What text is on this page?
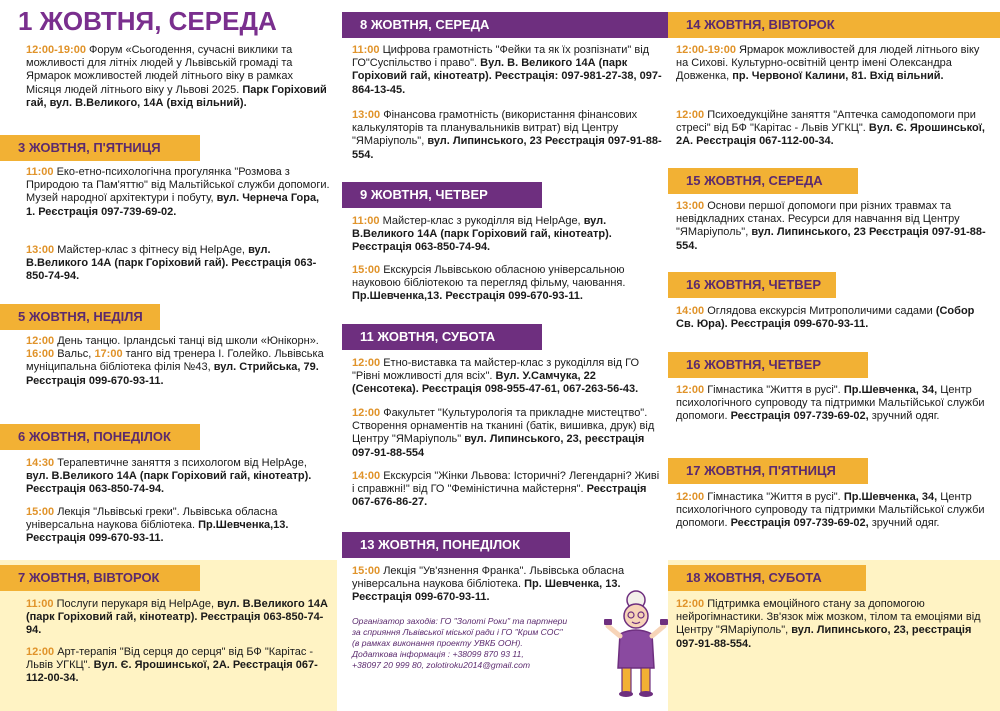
1 ЖОВТНЯ, СЕРЕДА
12:00-19:00 Форум «Сьогодення, сучасні виклики та можливості для літніх людей у Львівській громаді та Ярмарок можливостей людей літнього віку в рамках Місяця людей літнього віку у Львові 2025. Парк Горіховий гай, вул. В.Великого, 14А (вхід вільний).
3 ЖОВТНЯ, П'ЯТНИЦЯ
11:00 Еко-етно-психологічна прогулянка "Розмова з Природою та Пам'яттю" від Мальтійської служби допомоги. Музей народної архітектури і побуту, вул. Чернеча Гора, 1. Реєстрація 097-739-69-02.
13:00 Майстер-клас з фітнесу від HelpAge, вул. В.Великого 14А (парк Горіховий гай). Реєстрація 063-850-74-94.
5 ЖОВТНЯ, НЕДІЛЯ
12:00 День танцю. Ірландські танці від школи «Юнікорн».
16:00 Вальс, 17:00 танго від тренера І. Голейко. Львівська муніципальна бібліотека філія №43, вул. Стрийська, 79. Реєстрація 099-670-93-11.
6 ЖОВТНЯ, ПОНЕДІЛОК
14:30 Терапевтичне заняття з психологом від HelpAge, вул. В.Великого 14А (парк Горіховий гай, кінотеатр). Реєстрація 063-850-74-94.
15:00 Лекція "Львівські греки". Львівська обласна універсальна наукова бібліотека. Пр.Шевченка,13. Реєстрація 099-670-93-11.
7 ЖОВТНЯ, ВІВТОРОК
11:00 Послуги перукаря від HelpAge, вул. В.Великого 14А (парк Горіховий гай, кінотеатр). Реєстрація 063-850-74-94.
12:00 Арт-терапія "Від серця до серця" від БФ "Карітас - Львів УГКЦ". Вул. Є. Ярошинської, 2А. Реєстрація 067-112-00-34.
8 ЖОВТНЯ, СЕРЕДА
11:00 Цифрова грамотність "Фейки та як їх розпізнати" від ГО"Суспільство і право". Вул. В. Великого 14А (парк Горіховий гай, кінотеатр). Реєстрація: 097-981-27-38, 097-864-13-45.
13:00 Фінансова грамотність (використання фінансових калькуляторів та планувальників витрат) від Центру "ЯМаріуполь", вул. Липинського, 23 Реєстрація 097-91-88-554.
9 ЖОВТНЯ, ЧЕТВЕР
11:00 Майстер-клас з рукоділля від HelpAge, вул. В.Великого 14А (парк Горіховий гай, кінотеатр). Реєстрація 063-850-74-94.
15:00 Екскурсія Львівською обласною універсальною науковою бібліотекою та перегляд фільму, чаювання. Пр.Шевченка,13. Реєстрація 099-670-93-11.
11 ЖОВТНЯ, СУБОТА
12:00 Етно-виставка та майстер-клас з рукоділля від ГО "Рівні можливості для всіх". Вул. У.Самчука, 22 (Сенсотека). Реєстрація 098-955-47-61, 067-263-56-43.
12:00 Факультет "Культурологія та прикладне мистецтво". Створення орнаментів на тканині (батік, вишивка, друк) від Центру "ЯМаріуполь" вул. Липинського, 23, реєстрація 097-91-88-554
14:00 Екскурсія "Жінки Львова: Історичні? Легендарні? Живі і справжні!" від ГО "Феміністична майстерня". Реєстрація 067-676-86-27.
13 ЖОВТНЯ, ПОНЕДІЛОК
15:00 Лекція "Ув'язнення Франка". Львівська обласна універсальна наукова бібліотека. Пр. Шевченка, 13. Реєстрація 099-670-93-11.
Організатор заходів: ГО "Золоті Роки" та партнери
за сприяння Львівської міської ради і ГО "Крим СОС"
(в рамках виконання проекту УВКБ ООН).
Додаткова інформація : +38099 870 93 11,
+38097 20 999 80, zolotiroku2014@gmail.com
14 ЖОВТНЯ, ВІВТОРОК
12:00-19:00 Ярмарок можливостей для людей літнього віку на Сихові. Культурно-освітній центр імені Олександра Довженка, пр. Червоної Калини, 81. Вхід вільний.
12:00 Психоедукційне заняття "Аптечка самодопомоги при стресі" від БФ "Карітас - Львів УГКЦ". Вул. Є. Ярошинської, 2А. Реєстрація 067-112-00-34.
15 ЖОВТНЯ, СЕРЕДА
13:00 Основи першої допомоги при різних травмах та невідкладних станах. Ресурси для навчання від Центру "ЯМаріуполь", вул. Липинського, 23 Реєстрація 097-91-88-554.
16 ЖОВТНЯ, ЧЕТВЕР
14:00 Оглядова екскурсія Митрополичими садами (Собор Св. Юра). Реєстрація 099-670-93-11.
16 ЖОВТНЯ, ЧЕТВЕР
12:00 Гімнастика "Життя в русі". Пр.Шевченка, 34, Центр психологічного супроводу та підтримки Мальтійської служби допомоги. Реєстрація 097-739-69-02, зручний одяг.
17 ЖОВТНЯ, П'ЯТНИЦЯ
12:00 Гімнастика "Життя в русі". Пр.Шевченка, 34, Центр психологічного супроводу та підтримки Мальтійської служби допомоги. Реєстрація 097-739-69-02, зручний одяг.
18 ЖОВТНЯ, СУБОТА
12:00 Підтримка емоційного стану за допомогою нейрогімнастики. Зв'язок між мозком, тілом та емоціями від Центру "ЯМаріуполь", вул. Липинського, 23, реєстрація 097-91-88-554.
